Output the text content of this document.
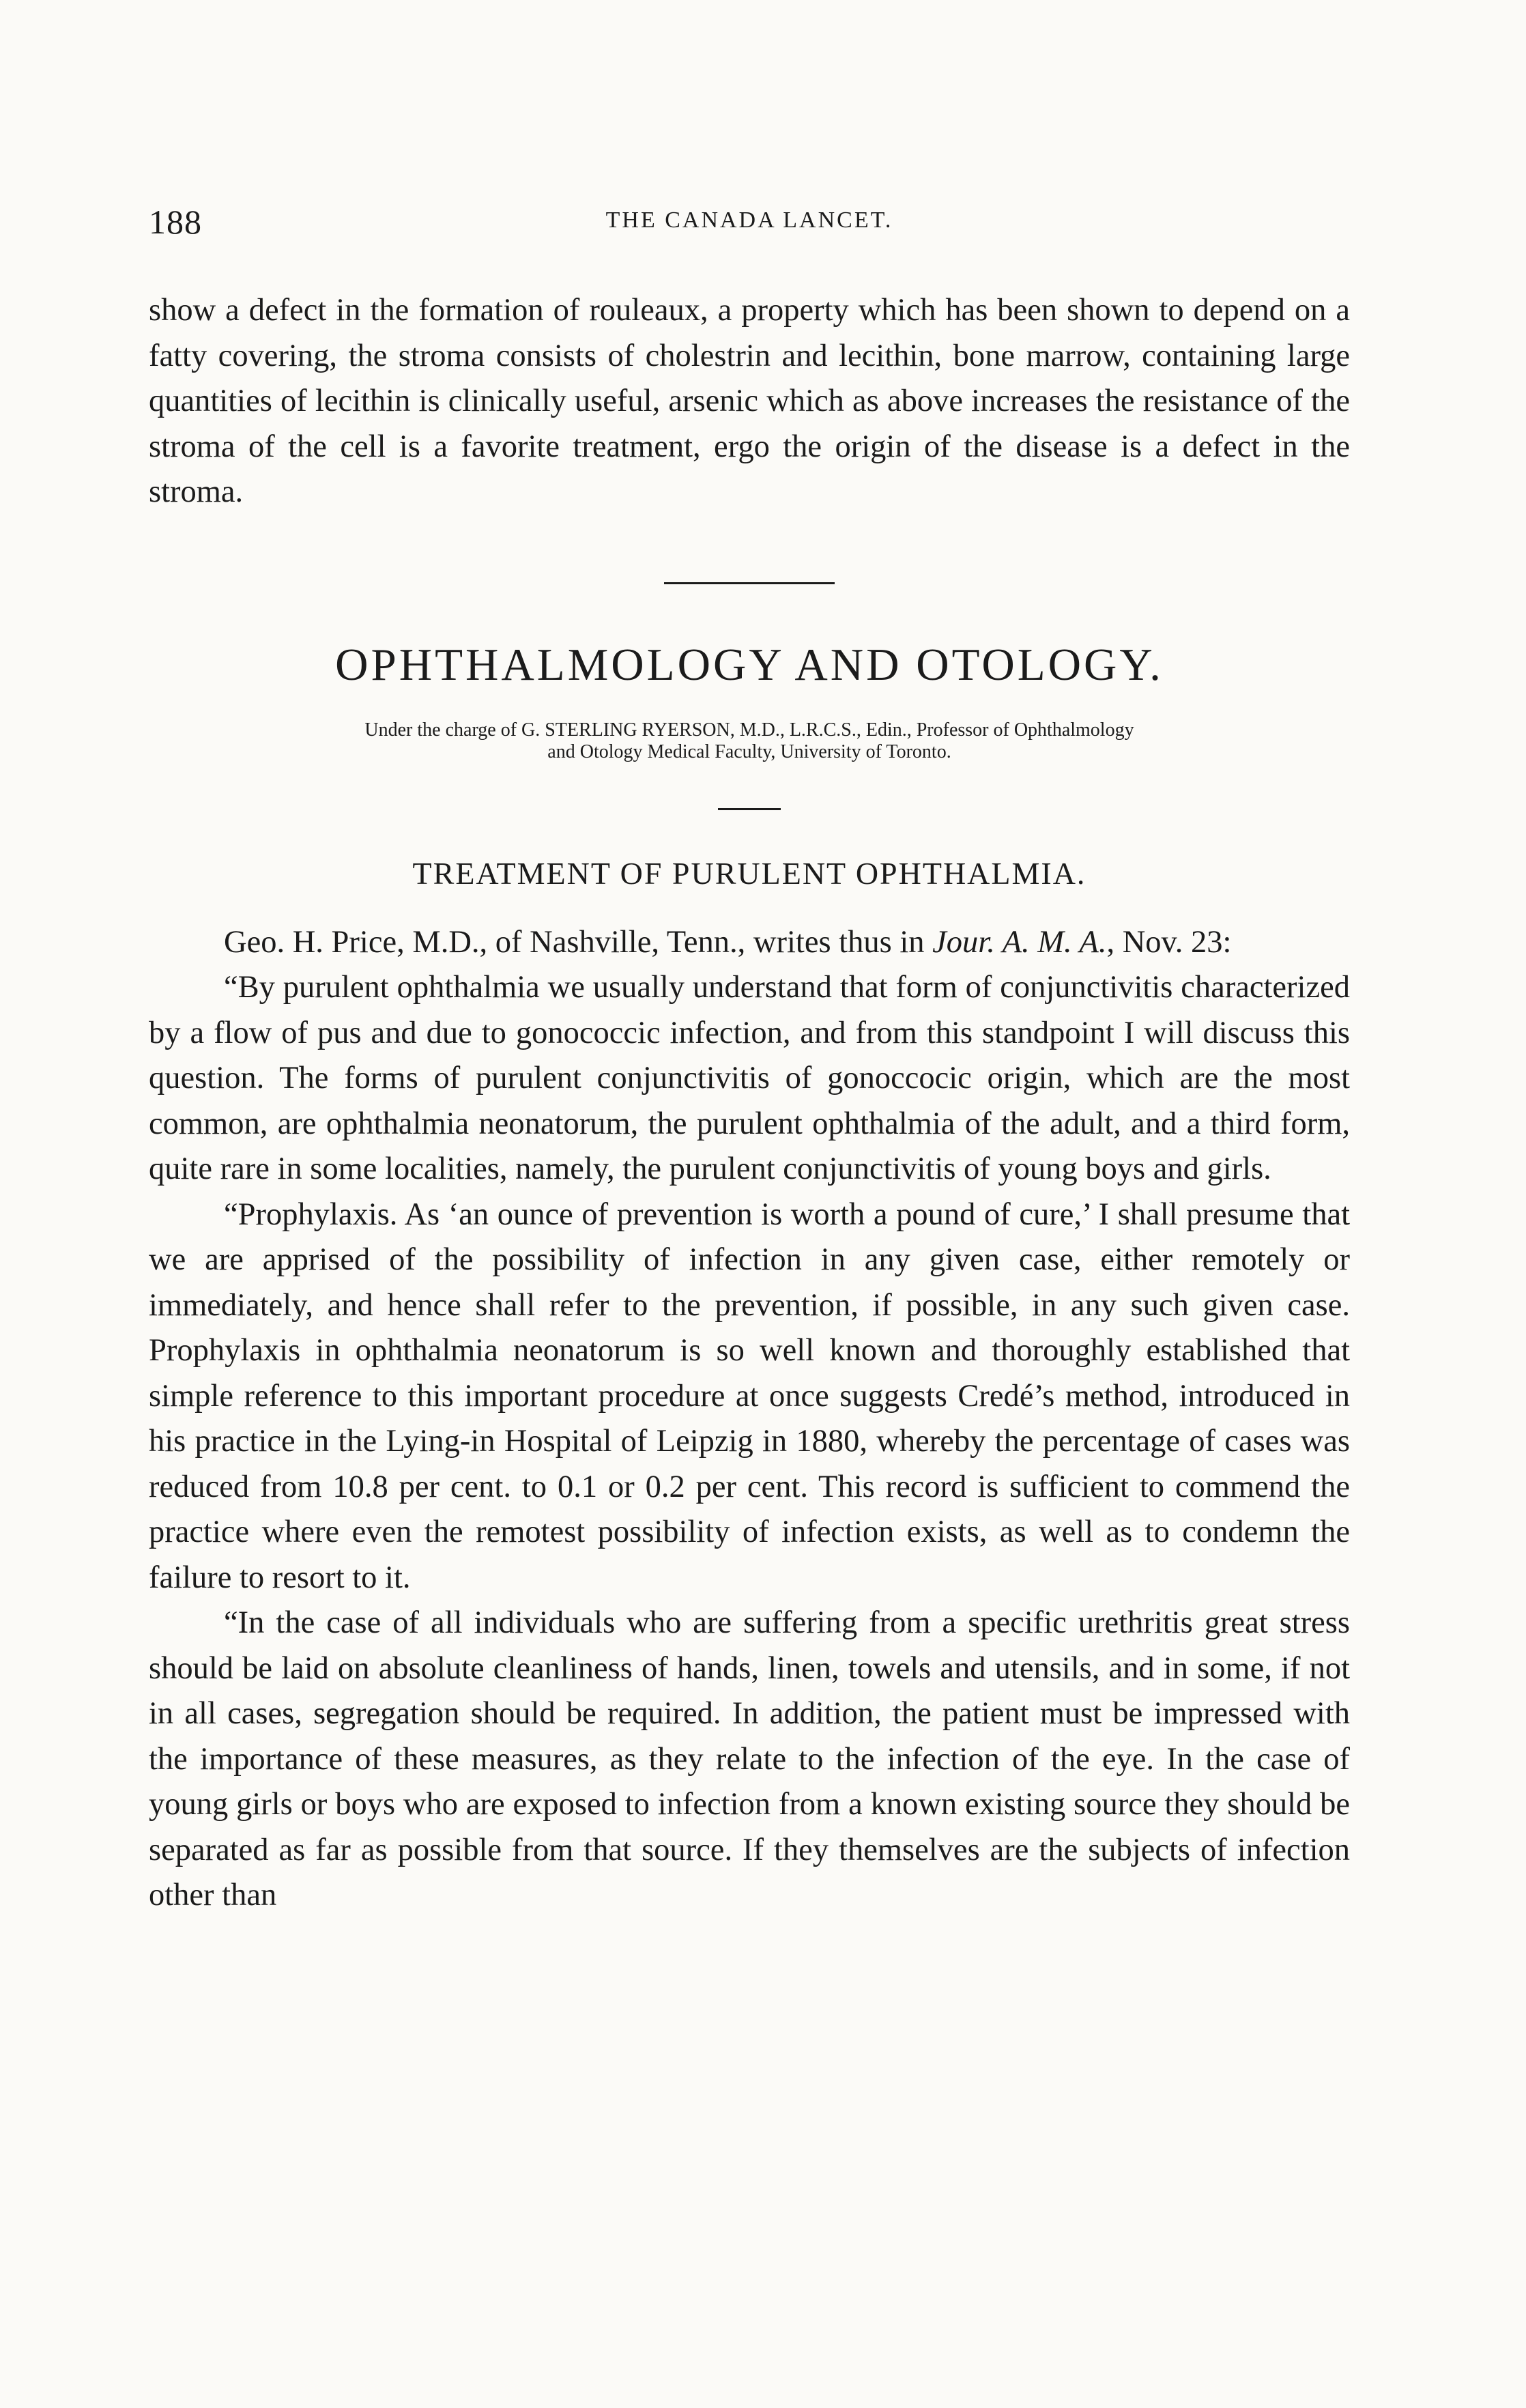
188	THE CANADA LANCET.

show a defect in the formation of rouleaux, a property which has been shown to depend on a fatty covering, the stroma consists of cholestrin and lecithin, bone marrow, containing large quantities of lecithin is clinically useful, arsenic which as above increases the resistance of the stroma of the cell is a favorite treatment, ergo the origin of the disease is a defect in the stroma.

OPHTHALMOLOGY AND OTOLOGY.
Under the charge of G. STERLING RYERSON, M.D., L.R.C.S., Edin., Professor of Ophthalmology
and Otology Medical Faculty, University of Toronto.
TREATMENT OF PURULENT OPHTHALMIA.

Geo. H. Price, M.D., of Nashville, Tenn., writes thus in Jour. A. M. A., Nov. 23:

“By purulent ophthalmia we usually understand that form of conjunctivitis characterized by a flow of pus and due to gonococcic infection, and from this standpoint I will discuss this question. The forms of purulent conjunctivitis of gonoccocic origin, which are the most common, are ophthalmia neonatorum, the purulent ophthalmia of the adult, and a third form, quite rare in some localities, namely, the purulent conjunctivitis of young boys and girls.

“Prophylaxis. As ‘an ounce of prevention is worth a pound of cure,’ I shall presume that we are apprised of the possibility of infection in any given case, either remotely or immediately, and hence shall refer to the prevention, if possible, in any such given case. Prophylaxis in ophthalmia neonatorum is so well known and thoroughly established that simple reference to this important procedure at once suggests Credé’s method, introduced in his practice in the Lying-in Hospital of Leipzig in 1880, whereby the percentage of cases was reduced from 10.8 per cent. to 0.1 or 0.2 per cent. This record is sufficient to commend the practice where even the remotest possibility of infection exists, as well as to condemn the failure to resort to it.

“In the case of all individuals who are suffering from a specific urethritis great stress should be laid on absolute cleanliness of hands, linen, towels and utensils, and in some, if not in all cases, segregation should be required. In addition, the patient must be impressed with the importance of these measures, as they relate to the infection of the eye. In the case of young girls or boys who are exposed to infection from a known existing source they should be separated as far as possible from that source. If they themselves are the subjects of infection other than
